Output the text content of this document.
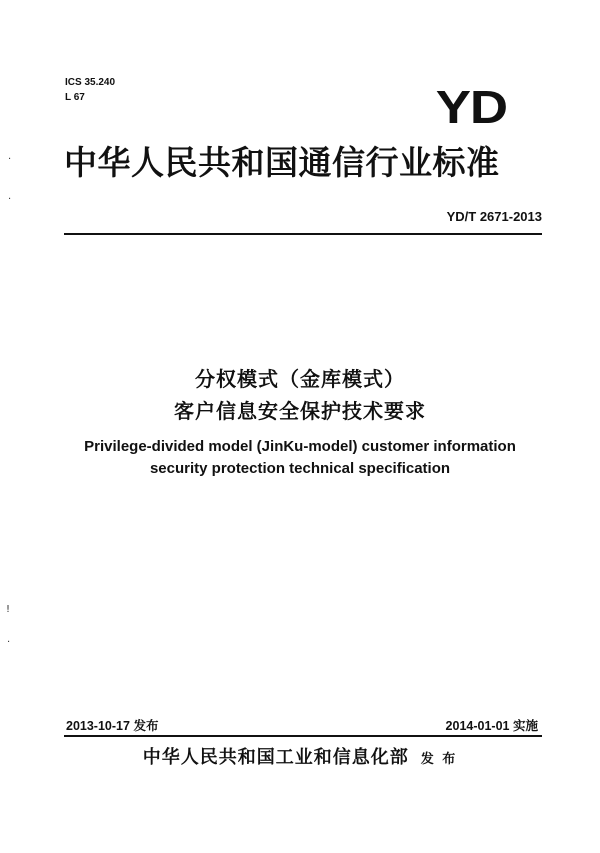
ICS 35.240
L 67	YD
中华人民共和国通信行业标准
YD/T 2671-2013
分权模式（金库模式）
客户信息安全保护技术要求
Privilege-divided model (JinKu-model) customer information
security protection technical specification
2013-10-17 发布	2014-01-01 实施
中华人民共和国工业和信息化部 发 布
·
·
!
·
